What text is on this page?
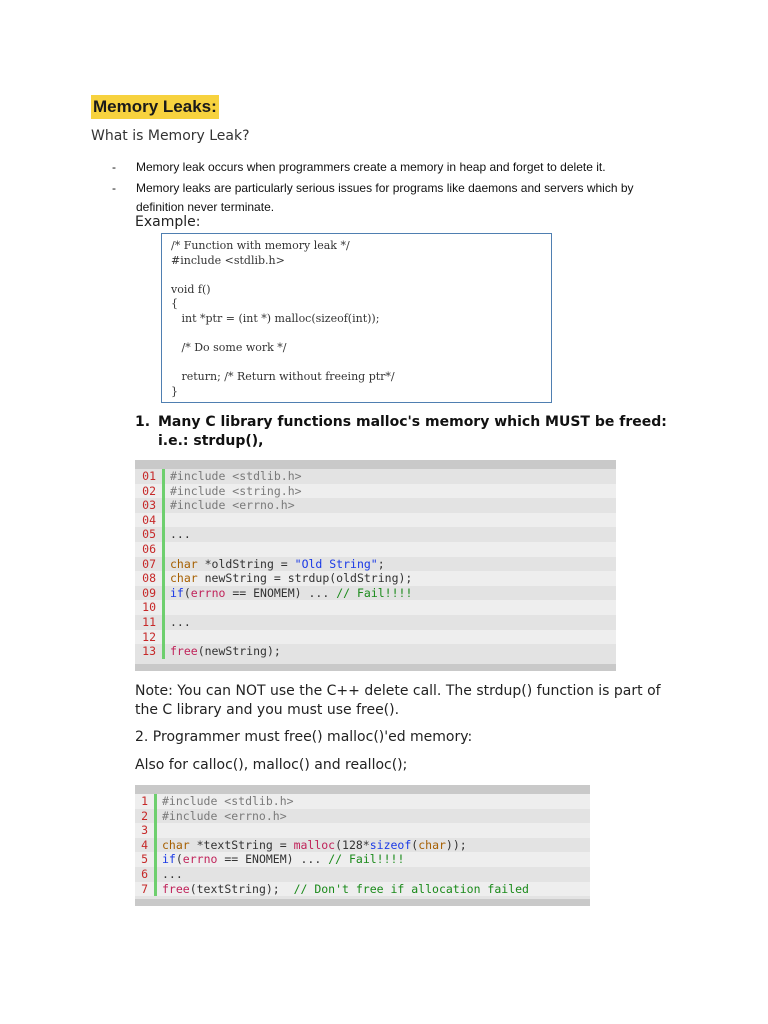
Memory Leaks:
What is Memory Leak?
- Memory leak occurs when programmers create a memory in heap and forget to delete it.
- Memory leaks are particularly serious issues for programs like daemons and servers which by definition never terminate.
Example:
/* Function with memory leak */
#include <stdlib.h>

void f()
{
int *ptr = (int *) malloc(sizeof(int));

/* Do some work */

return; /* Return without freeing ptr*/
}
1. Many C library functions malloc's memory which MUST be freed: i.e.: strdup(),
01	#include <stdlib.h>
02	#include <string.h>
03	#include <errno.h>
04
05	...
06
07	char *oldString = "Old String";
08	char newString = strdup(oldString);
09	if(errno == ENOMEM) ... // Fail!!!!
10
11	...
12
13	free(newString);
Note: You can NOT use the C++ delete call. The strdup() function is part of the C library and you must use free().
2. Programmer must free() malloc()'ed memory:
Also for calloc(), malloc() and realloc();
1	#include <stdlib.h>
2	#include <errno.h>
3
4	char *textString = malloc(128*sizeof(char));
5	if(errno == ENOMEM) ... // Fail!!!!
6	...
7	free(textString);  // Don't free if allocation failed
